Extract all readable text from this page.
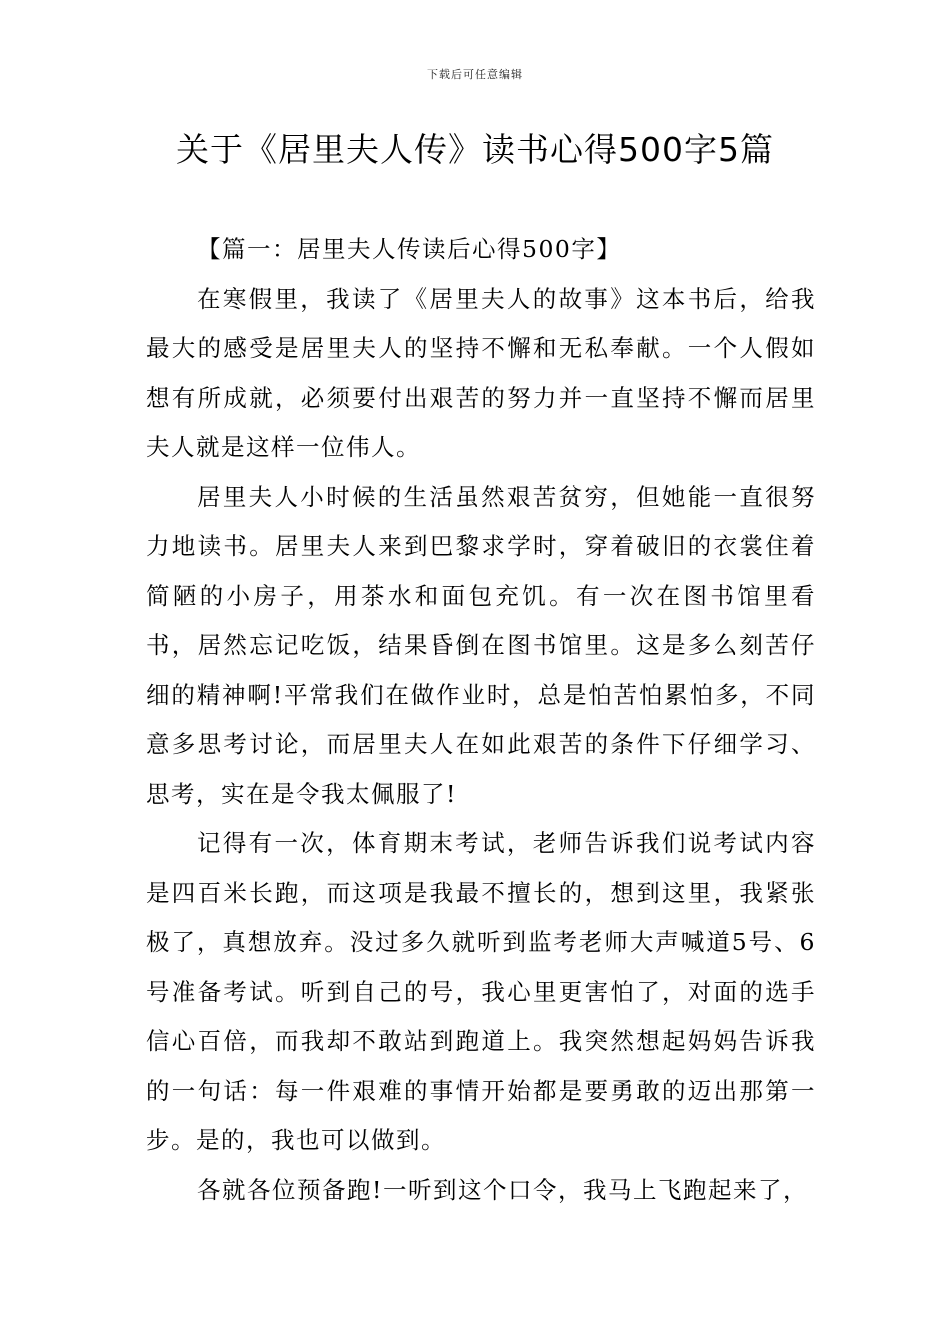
下载后可任意编辑
关于《居里夫人传》读书心得500字5篇

【篇一：居里夫人传读后心得500字】

在寒假里，我读了《居里夫人的故事》这本书后，给我最大的感受是居里夫人的坚持不懈和无私奉献。一个人假如想有所成就，必须要付出艰苦的努力并一直坚持不懈而居里夫人就是这样一位伟人。

居里夫人小时候的生活虽然艰苦贫穷，但她能一直很努力地读书。居里夫人来到巴黎求学时，穿着破旧的衣裳住着简陋的小房子，用茶水和面包充饥。有一次在图书馆里看书，居然忘记吃饭，结果昏倒在图书馆里。这是多么刻苦仔细的精神啊!平常我们在做作业时，总是怕苦怕累怕多，不同意多思考讨论，而居里夫人在如此艰苦的条件下仔细学习、思考，实在是令我太佩服了!

记得有一次，体育期末考试，老师告诉我们说考试内容是四百米长跑，而这项是我最不擅长的，想到这里，我紧张极了，真想放弃。没过多久就听到监考老师大声喊道5号、6号准备考试。听到自己的号，我心里更害怕了，对面的选手信心百倍，而我却不敢站到跑道上。我突然想起妈妈告诉我的一句话：每一件艰难的事情开始都是要勇敢的迈出那第一步。是的，我也可以做到。

各就各位预备跑!一听到这个口令，我马上飞跑起来了，
